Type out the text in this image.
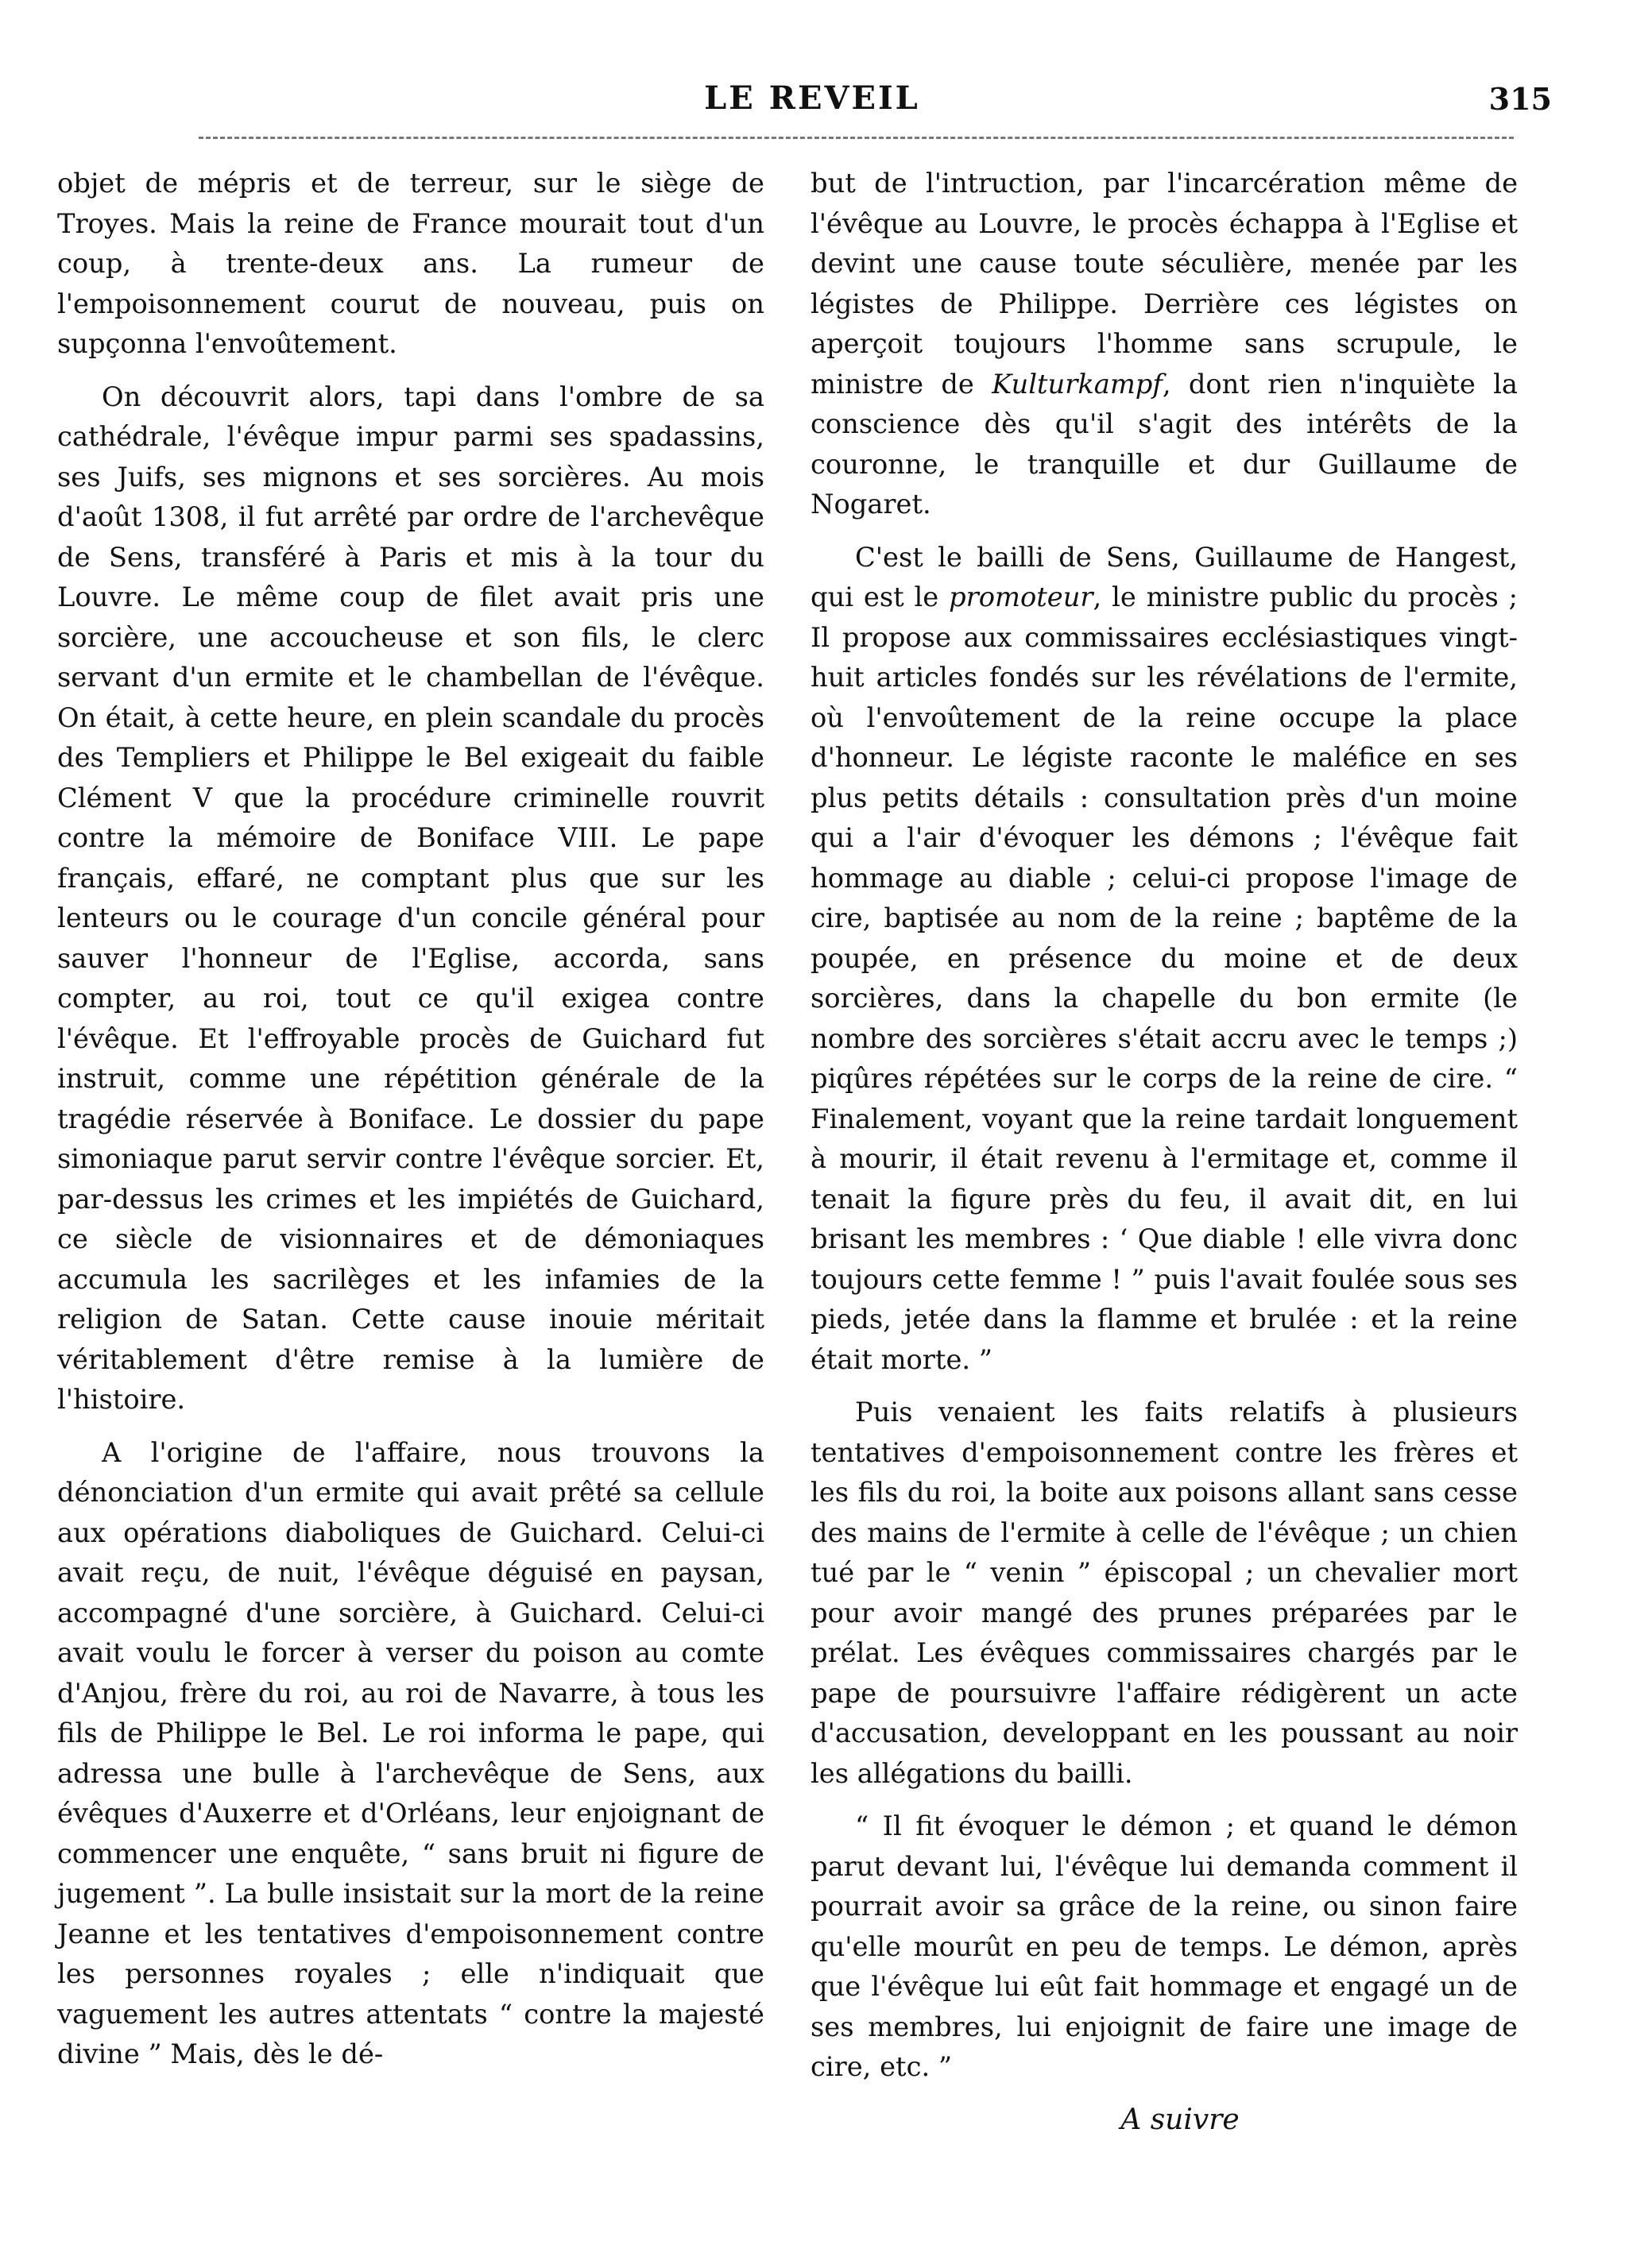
LE REVEIL	315

objet de mépris et de terreur, sur le siège de Troyes. Mais la reine de France mourait tout d'un coup, à trente-deux ans. La rumeur de l'empoisonnement courut de nouveau, puis on supçonna l'envoûtement.

On découvrit alors, tapi dans l'ombre de sa cathédrale, l'évêque impur parmi ses spadassins, ses Juifs, ses mignons et ses sorcières. Au mois d'août 1308, il fut arrêté par ordre de l'archevêque de Sens, transféré à Paris et mis à la tour du Louvre. Le même coup de filet avait pris une sorcière, une accoucheuse et son fils, le clerc servant d'un ermite et le chambellan de l'évêque. On était, à cette heure, en plein scandale du procès des Templiers et Philippe le Bel exigeait du faible Clément V que la procédure criminelle rouvrit contre la mémoire de Boniface VIII. Le pape français, effaré, ne comptant plus que sur les lenteurs ou le courage d'un concile général pour sauver l'honneur de l'Eglise, accorda, sans compter, au roi, tout ce qu'il exigea contre l'évêque. Et l'effroyable procès de Guichard fut instruit, comme une répétition générale de la tragédie réservée à Boniface. Le dossier du pape simoniaque parut servir contre l'évêque sorcier. Et, par-dessus les crimes et les impiétés de Guichard, ce siècle de visionnaires et de démoniaques accumula les sacrilèges et les infamies de la religion de Satan. Cette cause inouie méritait véritablement d'être remise à la lumière de l'histoire.

A l'origine de l'affaire, nous trouvons la dénonciation d'un ermite qui avait prêté sa cellule aux opérations diaboliques de Guichard. Celui-ci avait reçu, de nuit, l'évêque déguisé en paysan, accompagné d'une sorcière, à Guichard. Celui-ci avait voulu le forcer à verser du poison au comte d'Anjou, frère du roi, au roi de Navarre, à tous les fils de Philippe le Bel. Le roi informa le pape, qui adressa une bulle à l'archevêque de Sens, aux évêques d'Auxerre et d'Orléans, leur enjoignant de commencer une enquête, “ sans bruit ni figure de jugement ”. La bulle insistait sur la mort de la reine Jeanne et les tentatives d'empoisonnement contre les personnes royales ; elle n'indiquait que vaguement les autres attentats “ contre la majesté divine ” Mais, dès le dé-

but de l'intruction, par l'incarcération même de l'évêque au Louvre, le procès échappa à l'Eglise et devint une cause toute séculière, menée par les légistes de Philippe. Derrière ces légistes on aperçoit toujours l'homme sans scrupule, le ministre de Kulturkampf, dont rien n'inquiète la conscience dès qu'il s'agit des intérêts de la couronne, le tranquille et dur Guillaume de Nogaret.

C'est le bailli de Sens, Guillaume de Hangest, qui est le promoteur, le ministre public du procès ; Il propose aux commissaires ecclésiastiques vingt-huit articles fondés sur les révélations de l'ermite, où l'envoûtement de la reine occupe la place d'honneur. Le légiste raconte le maléfice en ses plus petits détails : consultation près d'un moine qui a l'air d'évoquer les démons ; l'évêque fait hommage au diable ; celui-ci propose l'image de cire, baptisée au nom de la reine ; baptême de la poupée, en présence du moine et de deux sorcières, dans la chapelle du bon ermite (le nombre des sorcières s'était accru avec le temps ;) piqûres répétées sur le corps de la reine de cire. “ Finalement, voyant que la reine tardait longuement à mourir, il était revenu à l'ermitage et, comme il tenait la figure près du feu, il avait dit, en lui brisant les membres : ‘ Que diable ! elle vivra donc toujours cette femme ! ” puis l'avait foulée sous ses pieds, jetée dans la flamme et brulée : et la reine était morte. ”

Puis venaient les faits relatifs à plusieurs tentatives d'empoisonnement contre les frères et les fils du roi, la boite aux poisons allant sans cesse des mains de l'ermite à celle de l'évêque ; un chien tué par le “ venin ” épiscopal ; un chevalier mort pour avoir mangé des prunes préparées par le prélat. Les évêques commissaires chargés par le pape de poursuivre l'affaire rédigèrent un acte d'accusation, developpant en les poussant au noir les allégations du bailli.

“ Il fit évoquer le démon ; et quand le démon parut devant lui, l'évêque lui demanda comment il pourrait avoir sa grâce de la reine, ou sinon faire qu'elle mourût en peu de temps. Le démon, après que l'évêque lui eût fait hommage et engagé un de ses membres, lui enjoignit de faire une image de cire, etc. ”

A suivre
